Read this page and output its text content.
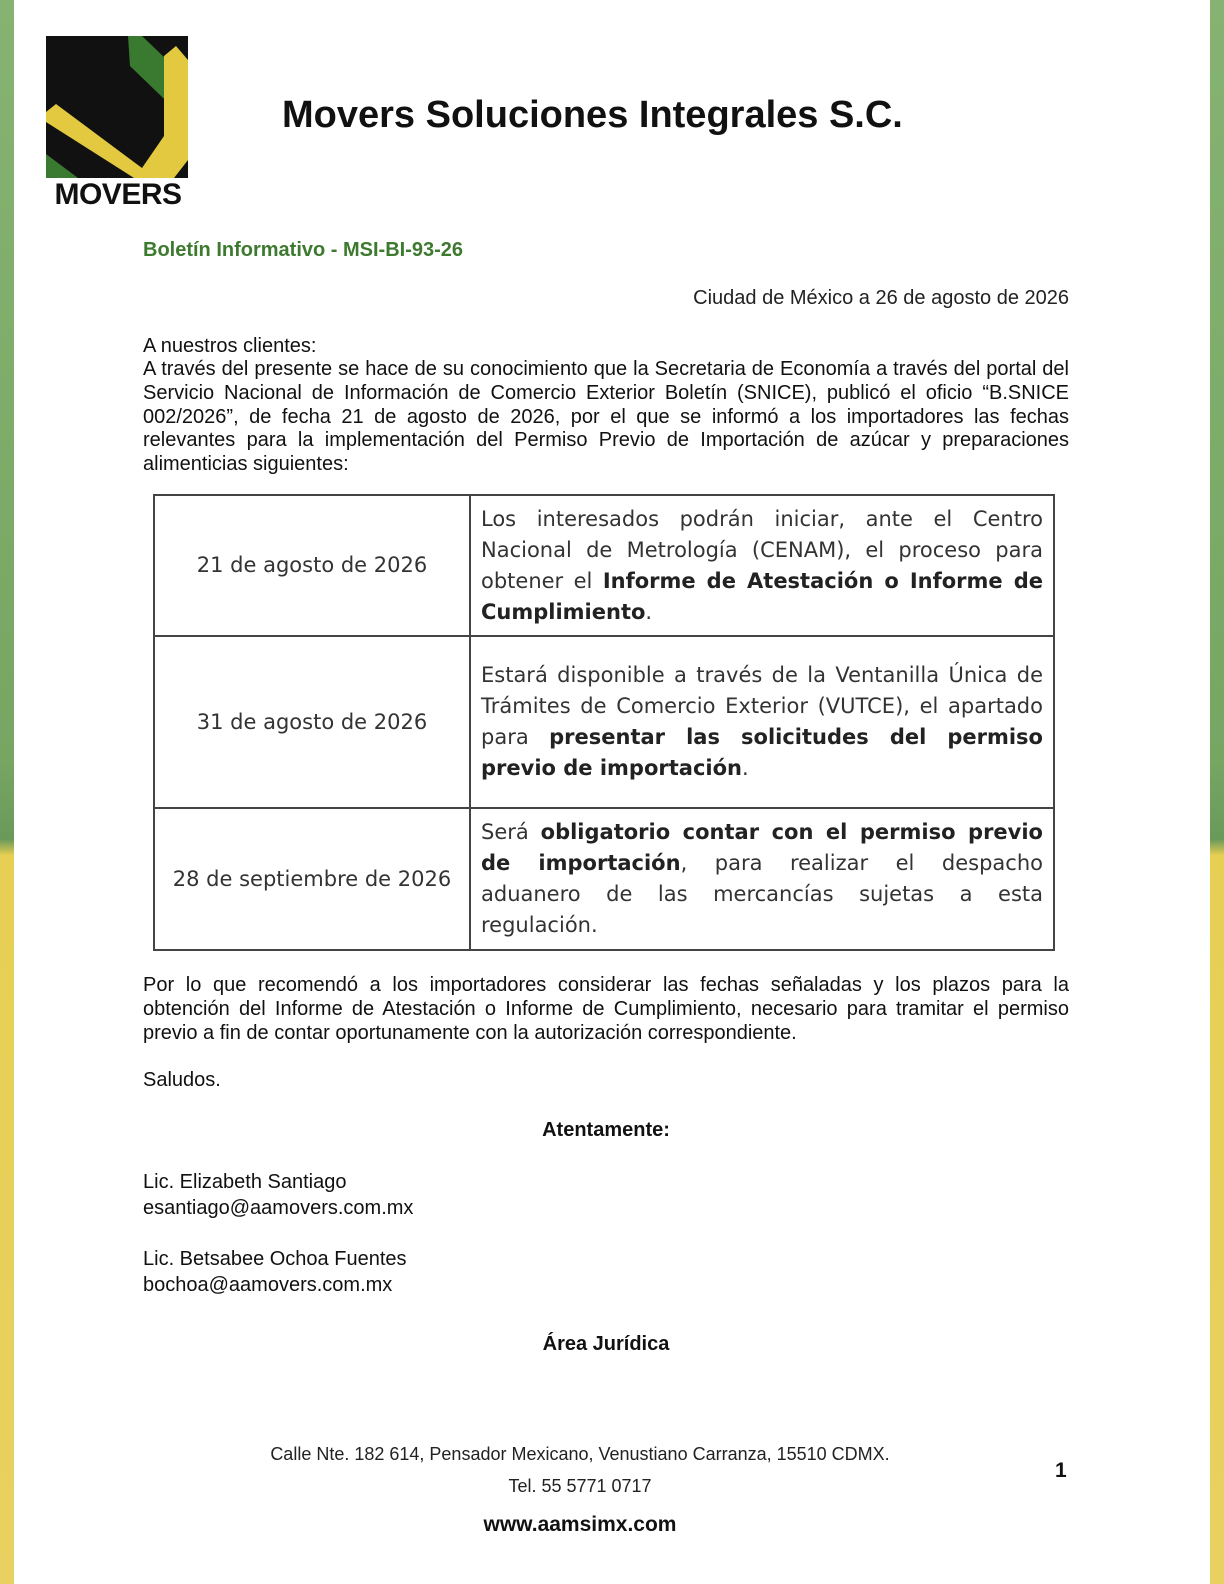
MOVERS
Movers Soluciones Integrales S.C.
Boletín Informativo - MSI-BI-93-26
Ciudad de México a 26 de agosto de 2026
A nuestros clientes:
A través del presente se hace de su conocimiento que la Secretaria de Economía a través del portal del Servicio Nacional de Información de Comercio Exterior Boletín (SNICE), publicó el oficio “B.SNICE 002/2026”, de fecha 21 de agosto de 2026, por el que se informó a los importadores las fechas relevantes para la implementación del Permiso Previo de Importación de azúcar y preparaciones alimenticias siguientes:
21 de agosto de 2026	Los interesados podrán iniciar, ante el Centro Nacional de Metrología (CENAM), el proceso para obtener el Informe de Atestación o Informe de Cumplimiento.
31 de agosto de 2026	Estará disponible a través de la Ventanilla Única de Trámites de Comercio Exterior (VUTCE), el apartado para presentar las solicitudes del permiso previo de importación.
28 de septiembre de 2026	Será obligatorio contar con el permiso previo de importación, para realizar el despacho aduanero de las mercancías sujetas a esta regulación.
Por lo que recomendó a los importadores considerar las fechas señaladas y los plazos para la obtención del Informe de Atestación o Informe de Cumplimiento, necesario para tramitar el permiso previo a fin de contar oportunamente con la autorización correspondiente.
Saludos.
Atentamente:
Lic. Elizabeth Santiago
esantiago@aamovers.com.mx
Lic. Betsabee Ochoa Fuentes
bochoa@aamovers.com.mx
Área Jurídica
Calle Nte. 182 614, Pensador Mexicano, Venustiano Carranza, 15510 CDMX.
Tel. 55 5771 0717
www.aamsimx.com
1
